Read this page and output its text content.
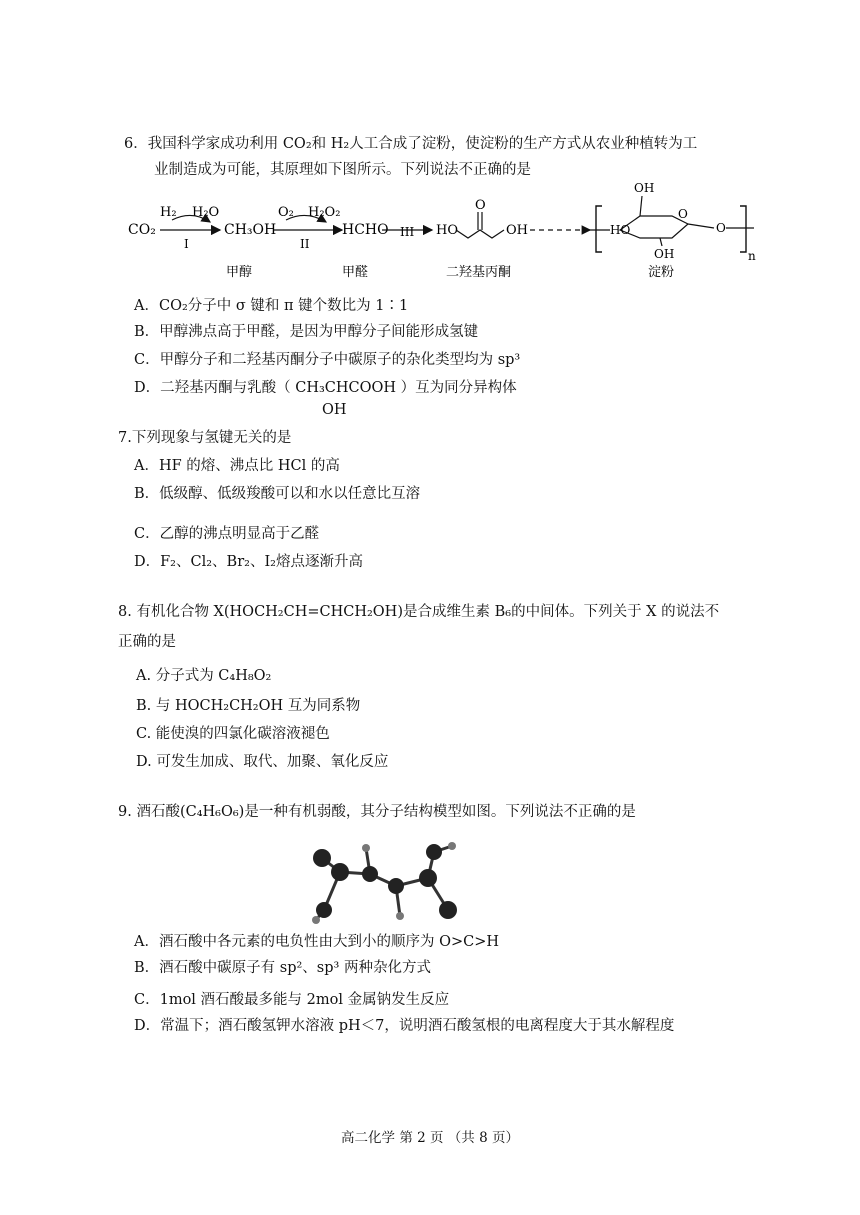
6．我国科学家成功利用 CO₂和 H₂人工合成了淀粉，使淀粉的生产方式从农业种植转为工
业制造成为可能，其原理如下图所示。下列说法不正确的是
CO₂
H₂ H₂O
I
CH₃OH
O₂ H₂O₂
II
HCHO III HO
O
OH
OH
HO
OH
O
O
n
甲醇	甲醛	二羟基丙酮	淀粉
A．CO₂分子中 σ 键和 π 键个数比为 1∶1
B．甲醇沸点高于甲醛，是因为甲醇分子间能形成氢键
C．甲醇分子和二羟基丙酮分子中碳原子的杂化类型均为 sp³
D．二羟基丙酮与乳酸（ CH₃CHCOOH ）互为同分异构体
OH
7.下列现象与氢键无关的是
A．HF 的熔、沸点比 HCl 的高
B．低级醇、低级羧酸可以和水以任意比互溶
C．乙醇的沸点明显高于乙醛
D．F₂、Cl₂、Br₂、I₂熔点逐渐升高
8. 有机化合物 X(HOCH₂CH=CHCH₂OH)是合成维生素 B₆的中间体。下列关于 X 的说法不
正确的是
A. 分子式为 C₄H₈O₂
B. 与 HOCH₂CH₂OH 互为同系物
C. 能使溴的四氯化碳溶液褪色
D. 可发生加成、取代、加聚、氧化反应
9. 酒石酸(C₄H₆O₆)是一种有机弱酸，其分子结构模型如图。下列说法不正确的是
A．酒石酸中各元素的电负性由大到小的顺序为 O>C>H
B．酒石酸中碳原子有 sp²、sp³ 两种杂化方式
C．1mol 酒石酸最多能与 2mol 金属钠发生反应
D．常温下；酒石酸氢钾水溶液 pH＜7，说明酒石酸氢根的电离程度大于其水解程度
高二化学 第 2 页 （共 8 页）
